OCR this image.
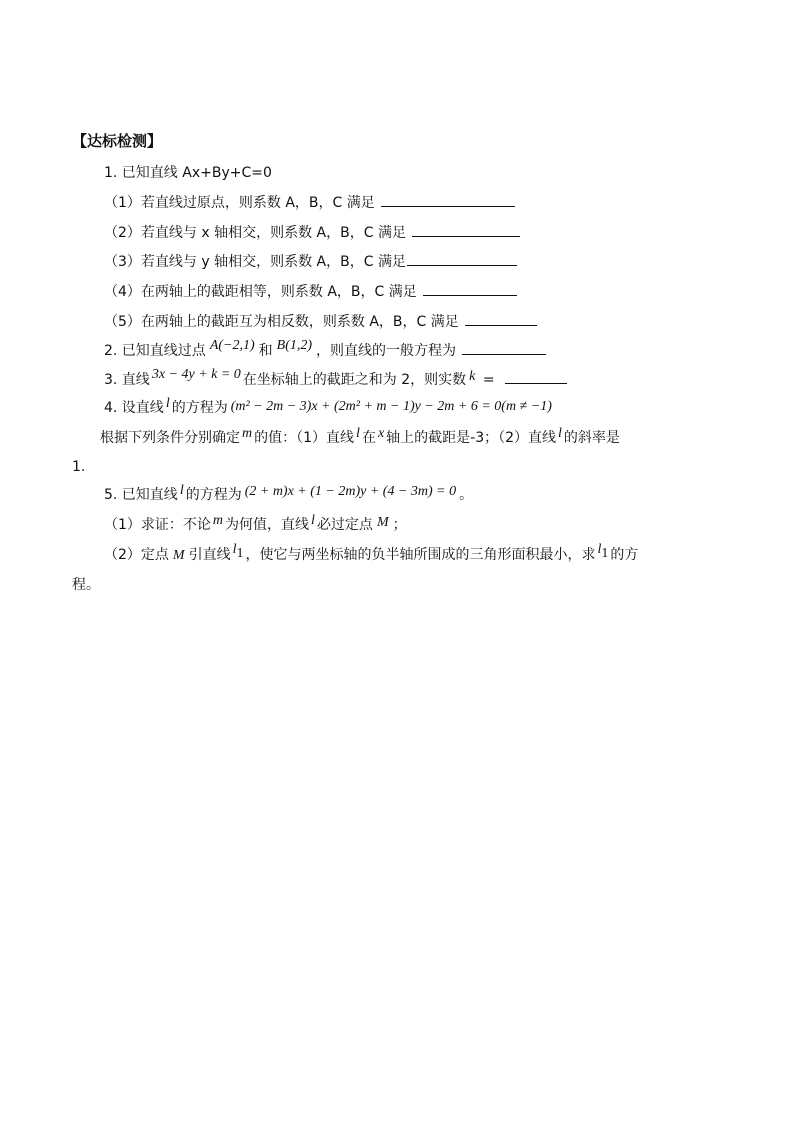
【达标检测】
1. 已知直线 Ax+By+C=0
（1）若直线过原点，则系数 A，B，C 满足
（2）若直线与 x 轴相交，则系数 A，B，C 满足
（3）若直线与 y 轴相交，则系数 A，B，C 满足
（4）在两轴上的截距相等，则系数 A，B，C 满足
（5）在两轴上的截距互为相反数，则系数 A，B，C 满足
2. 已知直线过点 A(−2,1) 和 B(1,2) ，则直线的一般方程为
3. 直线 3x − 4y + k = 0 在坐标轴上的截距之和为 2，则实数 k =
4. 设直线 l 的方程为 (m² − 2m − 3)x + (2m² + m − 1)y − 2m + 6 = 0(m ≠ −1)
根据下列条件分别确定 m 的值：（1）直线 l 在 x 轴上的截距是-3；（2）直线 l 的斜率是
1.
5. 已知直线 l 的方程为 (2 + m)x + (1 − 2m)y + (4 − 3m) = 0 。
（1）求证：不论 m 为何值，直线 l 必过定点 M ；
（2）定点 M 引直线 $l_1$ ，使它与两坐标轴的负半轴所围成的三角形面积最小，求 $l_1$ 的方
程。
